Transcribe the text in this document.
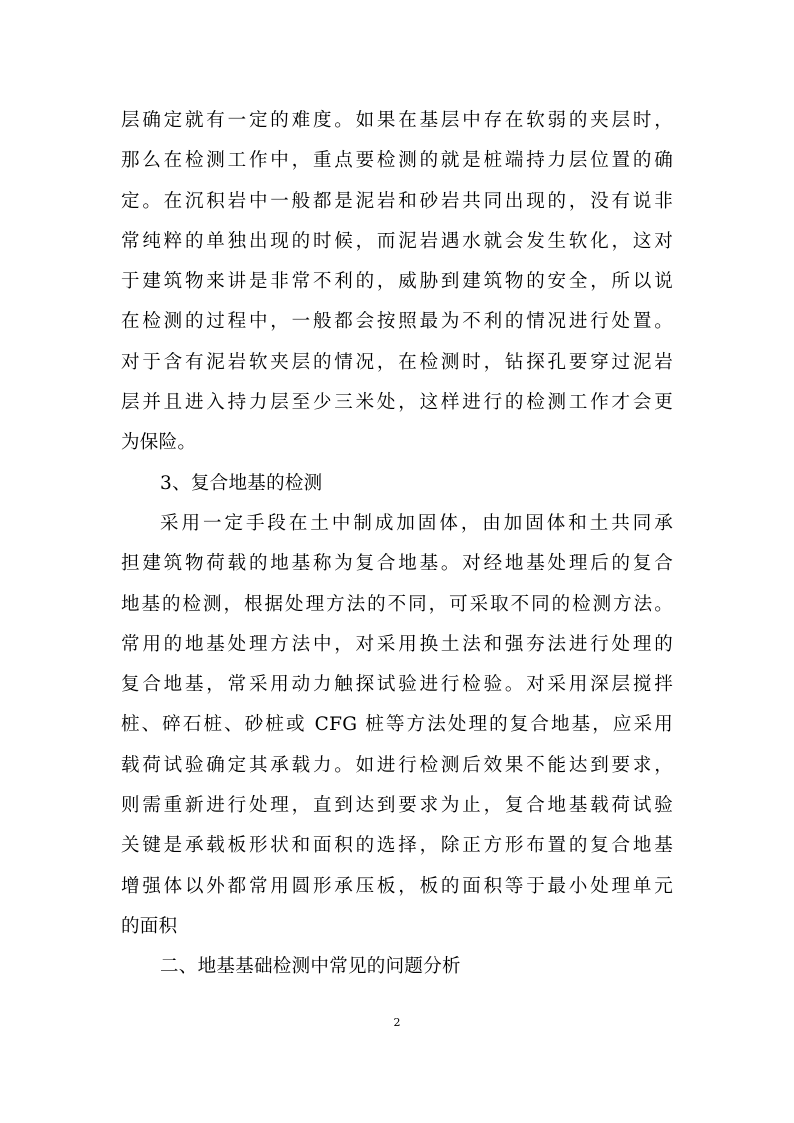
层确定就有一定的难度。如果在基层中存在软弱的夹层时，
那么在检测工作中，重点要检测的就是桩端持力层位置的确
定。在沉积岩中一般都是泥岩和砂岩共同出现的，没有说非
常纯粹的单独出现的时候，而泥岩遇水就会发生软化，这对
于建筑物来讲是非常不利的，威胁到建筑物的安全，所以说
在检测的过程中，一般都会按照最为不利的情况进行处置。
对于含有泥岩软夹层的情况，在检测时，钻探孔要穿过泥岩
层并且进入持力层至少三米处，这样进行的检测工作才会更
为保险。
3、复合地基的检测
采用一定手段在土中制成加固体，由加固体和土共同承
担建筑物荷载的地基称为复合地基。对经地基处理后的复合
地基的检测，根据处理方法的不同，可采取不同的检测方法。
常用的地基处理方法中，对采用换土法和强夯法进行处理的
复合地基，常采用动力触探试验进行检验。对采用深层搅拌
桩、碎石桩、砂桩或 CFG 桩等方法处理的复合地基，应采用
载荷试验确定其承载力。如进行检测后效果不能达到要求，
则需重新进行处理，直到达到要求为止，复合地基载荷试验
关键是承载板形状和面积的选择，除正方形布置的复合地基
增强体以外都常用圆形承压板，板的面积等于最小处理单元
的面积
二、地基基础检测中常见的问题分析
2
